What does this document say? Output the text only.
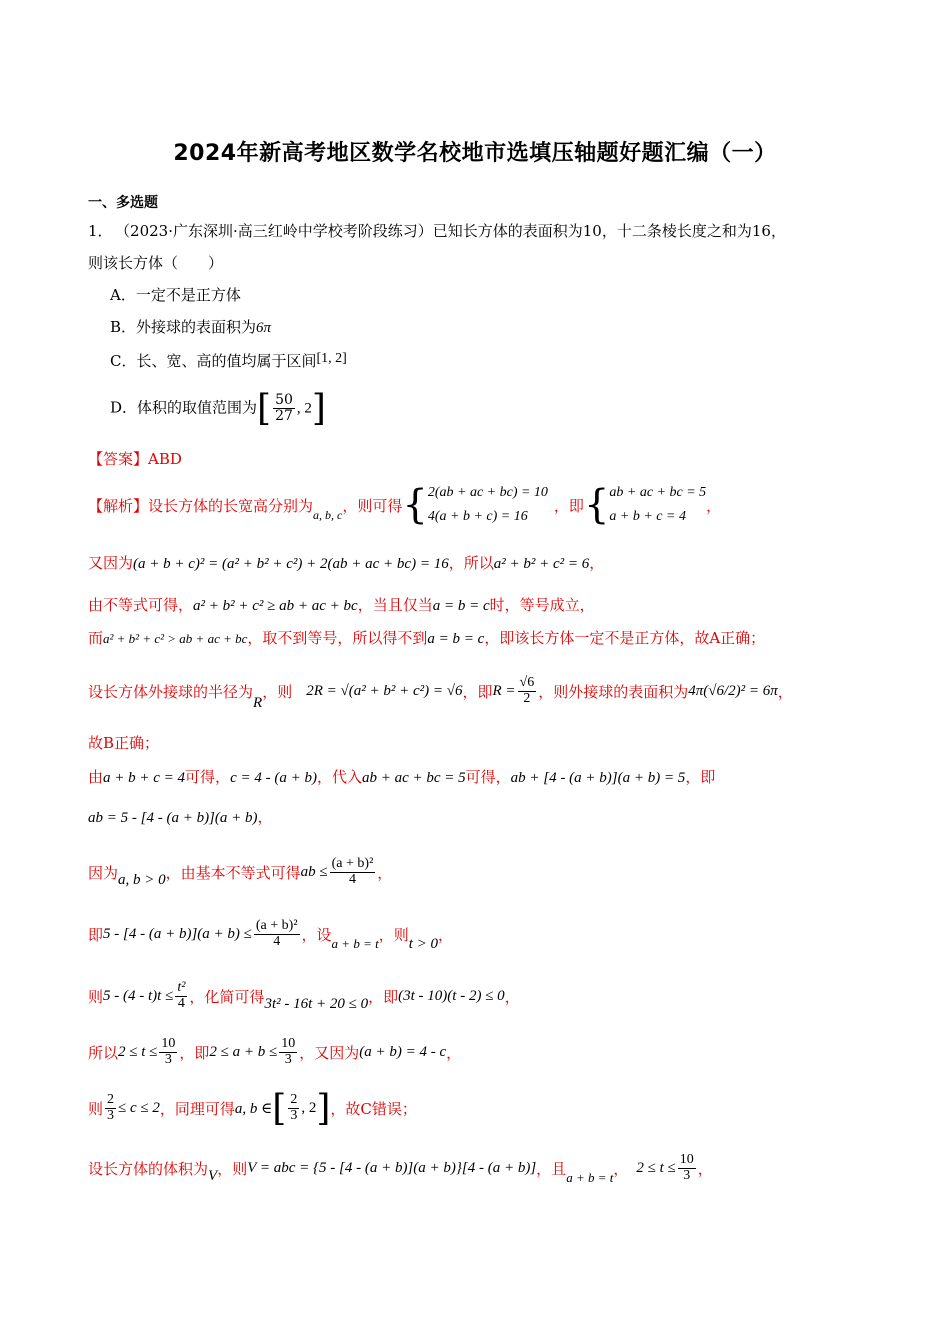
2024年新高考地区数学名校地市选填压轴题好题汇编（一）
一、多选题
1． （2023·广东深圳·高三红岭中学校考阶段练习）已知长方体的表面积为10，十二条棱长度之和为16，
则该长方体（　　）
A．一定不是正方体
B．外接球的表面积为6π
C．长、宽、高的值均属于区间[1, 2]
D．体积的取值范围为[ $\frac{50}{27}$ , 2]
【答案】ABD
【解析】 设长方体的长宽高分别为 a, b, c ，则可得 { 2(ab + ac + bc) = 10
4(a + b + c) = 16
，即 { ab + ac + bc = 5
a + b + c = 4
，
又因为(a + b + c)² = (a² + b² + c²) + 2(ab + ac + bc) = 16，所以a² + b² + c² = 6，
由不等式可得，a² + b² + c² ≥ ab + ac + bc，当且仅当a = b = c时，等号成立，
而a² + b² + c² > ab + ac + bc，取不到等号，所以得不到a = b = c，即该长方体一定不是正方体，故A正确；
设长方体外接球的半径为
R
，则 2R = √(a² + b² + c²) = √6 ，即 $R = \frac{√6}{2}$ ，则外接球的表面积为 4π(√6/2)² = 6π ，
故B正确；
由a + b + c = 4可得，c = 4 - (a + b)，代入ab + ac + bc = 5可得，ab + [4 - (a + b)](a + b) = 5，即
ab = 5 - [4 - (a + b)](a + b)，
因为 a, b > 0 ，由基本不等式可得 ab ≤ $\frac{\text{(a + b)²}}{4}$ ，
即 $5 - [4 - (a + b)](a + b) \le \frac{\text{(a + b)²}}{4}$ ，设 a + b = t ，则 t > 0 ，
则 $5 - (4 - t)t \le \frac{\text{t²}}{4}$ ，化简可得 3t² - 16t + 20 ≤ 0 ，即 (3t - 10)(t - 2) ≤ 0 ，
所以 $2 \le t \le \frac{10}{3}$ ，即 $2 \le a + b \le \frac{10}{3}$ ，又因为 (a + b) = 4 - c ，
则 $\frac{2}{3} \le c \le 2$ ，同理可得 a, b ∈ [ $\frac{2}{3}$ , 2 ] ，故C错误；
设长方体的体积为 V ，则 V = abc = {5 - [4 - (a + b)](a + b)}[4 - (a + b)] ，且 a + b = t ， $2 \le t \le \frac{10}{3}$ ，
